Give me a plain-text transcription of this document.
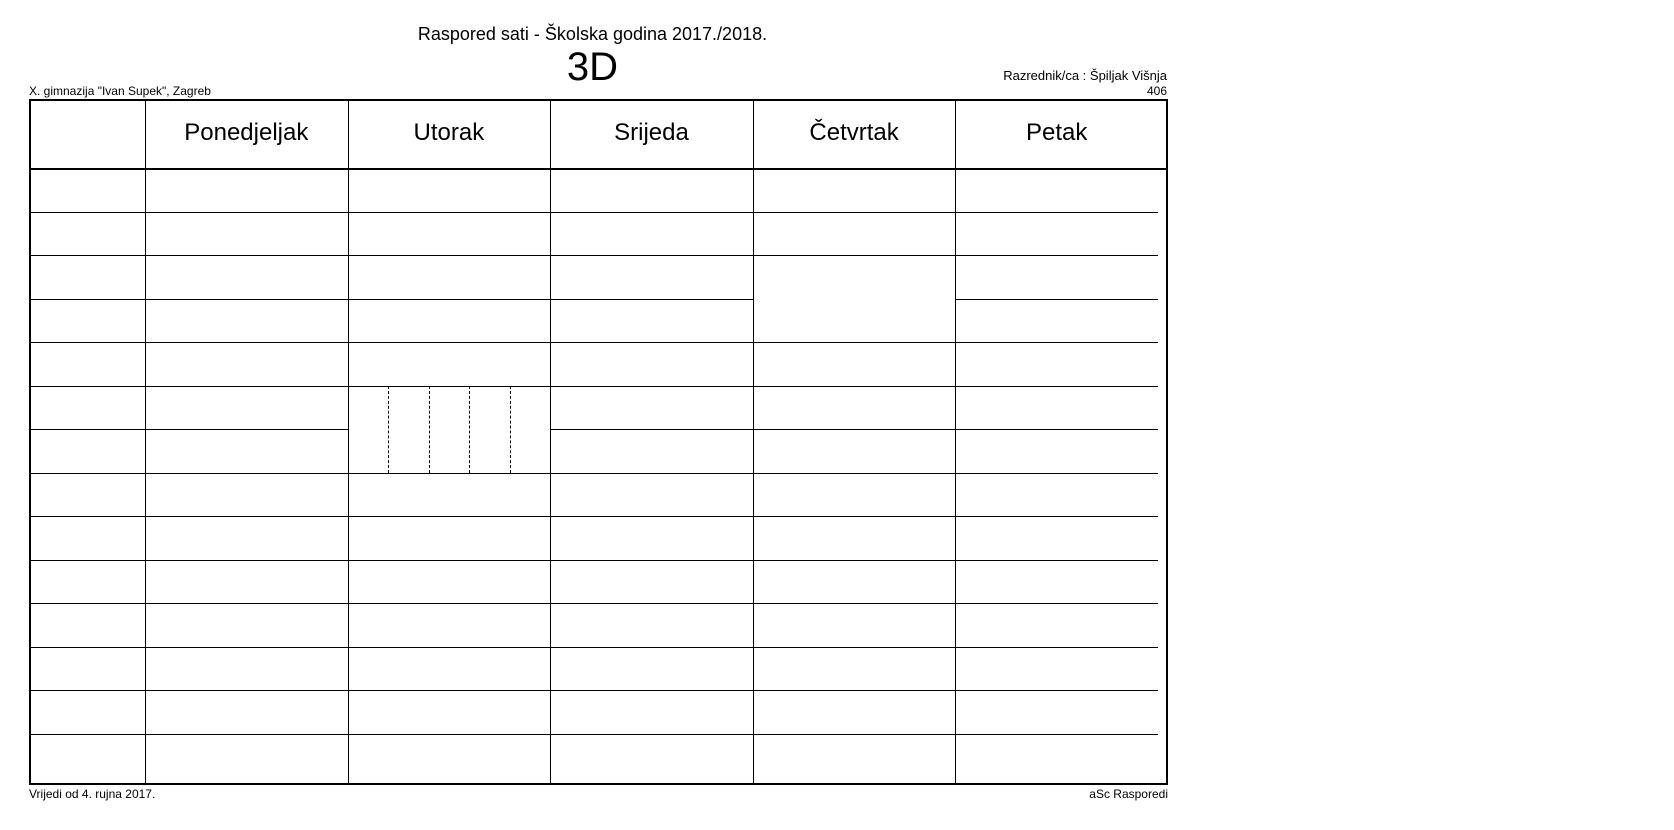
Raspored sati - Školska godina 2017./2018.
3D
X. gimnazija "Ivan Supek", Zagreb
Razrednik/ca : Špiljak Višnja
406
Ponedjeljak	Utorak	Srijeda	Četvrtak	Petak
Vrijedi od 4. rujna 2017.	aSc Rasporedi
